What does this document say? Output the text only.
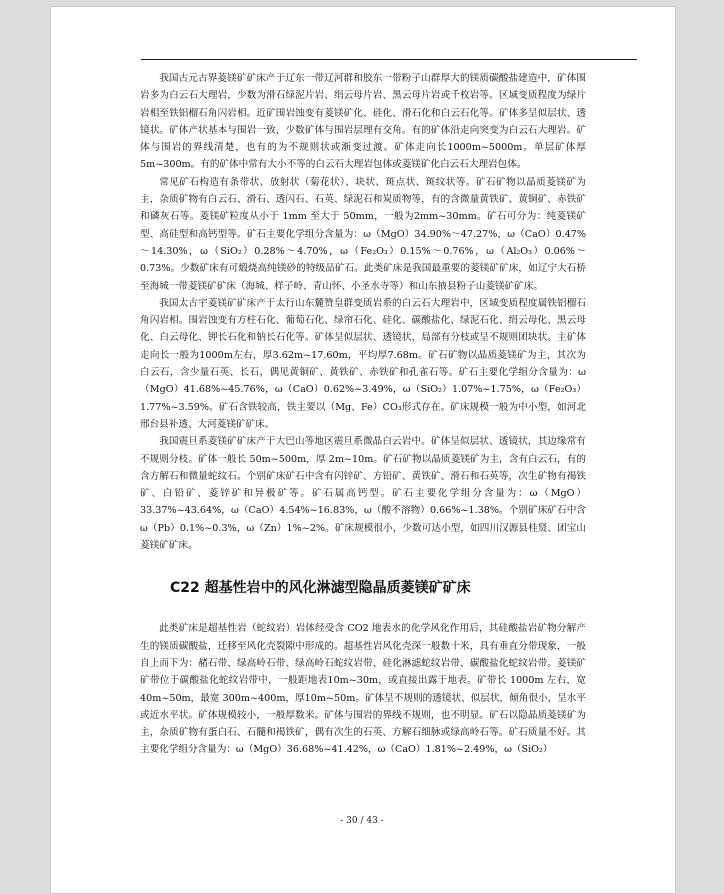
我国古元古界菱镁矿矿床产于辽东一带辽河群和胶东一带粉子山群厚大的镁质碳酸盐建造中，矿体围岩多为白云石大理岩，少数为滑石绿泥片岩、绢云母片岩、黑云母片岩或千枚岩等。区域变质程度为绿片岩相至铁铝榴石角闪岩相。近矿围岩蚀变有菱镁矿化、硅化、滑石化和白云石化等。矿体多呈似层状、透镜状。矿体产状基本与围岩一致，少数矿体与围岩层理有交角。有的矿体沿走向突变为白云石大理岩。矿体与围岩的界线清楚，也有的为不规则状或渐变过渡。矿体走向长1000m~5000m。单层矿体厚5m~300m。有的矿体中常有大小不等的白云石大理岩包体或菱镁矿化白云石大理岩包体。

常见矿石构造有条带状、放射状（菊花状）、块状、斑点状、斑纹状等。矿石矿物以晶质菱镁矿为主，杂质矿物有白云石、滑石、透闪石、石英、绿泥石和炭质物等，有的含微量黄铁矿、黄铜矿、赤铁矿和磷灰石等。菱镁矿粒度从小于 1mm 至大于 50mm，一般为2mm~30mm。矿石可分为：纯菱镁矿型、高硅型和高钙型等。矿石主要化学组分含量为：ω（MgO）34.90%～47.27%，ω（CaO）0.47%～14.30%，ω（SiO₂）0.28%～4.70%，ω（Fe₂O₃）0.15%～0.76%，ω（Al₂O₃）0.06%～0.73%。少数矿床有可煅烧高纯镁砂的特级品矿石。此类矿床是我国最重要的菱镁矿矿床，如辽宁大石桥至海城一带菱镁矿矿床（海城、样子岭、青山怀、小圣水寺等）和山东掖县粉子山菱镁矿矿床。

我国太古宇菱镁矿矿床产于太行山东麓赞皇群变质岩系的白云石大理岩中，区域变质程度属铁铝榴石角闪岩相。围岩蚀变有方柱石化、葡萄石化、绿帘石化、硅化、碳酸盐化、绿泥石化、绢云母化、黑云母化、白云母化、钾长石化和钠长石化等。矿体呈似层状、透镜状，局部有分枝或呈不规则团块状。主矿体走向长一般为1000m左右，厚3.62m~17.60m，平均厚7.68m。矿石矿物以晶质菱镁矿为主，其次为白云石，含少量石英、长石，偶见黄铜矿、黄铁矿、赤铁矿和孔雀石等。矿石主要化学组分含量为：ω（MgO）41.68%~45.76%，ω（CaO）0.62%~3.49%，ω（SiO₂）1.07%~1.75%，ω（Fe₂O₃）1.77%~3.59%。矿石含铁较高，铁主要以（Mg、Fe）CO₃形式存在。矿床规模一般为中小型，如河北邢台县补透、大河菱镁矿矿床。

我国震旦系菱镁矿矿床产于大巴山等地区震旦系微晶白云岩中。矿体呈似层状、透镜状，其边缘常有不规则分枝。矿体一般长 50m~500m，厚 2m~10m。矿石矿物以晶质菱镁矿为主，含有白云石，有的含方解石和微量蛇纹石。个别矿床矿石中含有闪锌矿、方铅矿、黄铁矿、滑石和石英等，次生矿物有褐铁矿、白铅矿、菱锌矿和异极矿等。矿石属高钙型。矿石主要化学组分含量为：ω（MgO）33.37%~43.64%，ω（CaO）4.54%~16.83%，ω（酸不溶物）0.66%~1.38%。个别矿床矿石中含ω（Pb）0.1%~0.3%，ω（Zn）1%~2%。矿床规模很小，少数可达小型，如四川汉源县桂贤、团宝山菱镁矿矿床。

C22 超基性岩中的风化淋滤型隐晶质菱镁矿矿床

此类矿床是超基性岩（蛇纹岩）岩体经受含 CO2 地表水的化学风化作用后，其硅酸盐岩矿物分解产生的镁质碳酸盐，迁移至风化壳裂隙中形成的。超基性岩风化壳深一般数十米，具有垂直分带现象，一般自上而下为：赭石带、绿高岭石带、绿高岭石蛇纹岩带、硅化淋滤蛇纹岩带、碳酸盐化蛇纹岩带。菱镁矿矿带位于碳酸盐化蛇纹岩带中，一般距地表10m~30m，或直接出露于地表。矿带长 1000m 左右，宽 40m~50m，最宽 300m~400m，厚10m~50m。矿体呈不规则的透镜状、似层状，倾角很小，呈水平或近水平状。矿体规模较小，一般厚数米。矿体与围岩的界线不规则，也不明显。矿石以隐晶质菱镁矿为主，杂质矿物有蛋白石、石髓和褐铁矿，偶有次生的石英、方解石细脉或绿高岭石等。矿石质量不好。其主要化学组分含量为：ω（MgO）36.68%~41.42%，ω（CaO）1.81%~2.49%，ω（SiO₂）

- 30 / 43 -
